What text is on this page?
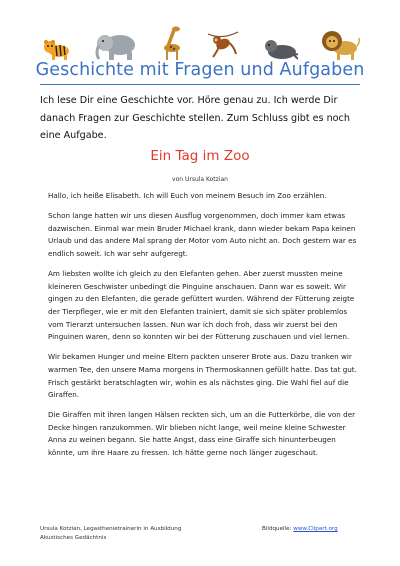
Geschichte mit Fragen und Aufgaben
Ich lese Dir eine Geschichte vor. Höre genau zu. Ich werde Dir danach Fragen zur Geschichte stellen. Zum Schluss gibt es noch eine Aufgabe.
Ein Tag im Zoo
von Ursula Kotzian

Hallo, ich heiße Elisabeth. Ich will Euch von meinem Besuch im Zoo erzählen.

Schon lange hatten wir uns diesen Ausflug vorgenommen, doch immer kam etwas dazwischen. Einmal war mein Bruder Michael krank, dann wieder bekam Papa keinen Urlaub und das andere Mal sprang der Motor vom Auto nicht an. Doch gestern war es endlich soweit. Ich war sehr aufgeregt.

Am liebsten wollte ich gleich zu den Elefanten gehen. Aber zuerst mussten meine kleineren Geschwister unbedingt die Pinguine anschauen. Dann war es soweit. Wir gingen zu den Elefanten, die gerade gefüttert wurden. Während der Fütterung zeigte der Tierpfleger, wie er mit den Elefanten trainiert, damit sie sich später problemlos vom Tierarzt untersuchen lassen. Nun war ich doch froh, dass wir zuerst bei den Pinguinen waren, denn so konnten wir bei der Fütterung zuschauen und viel lernen.

Wir bekamen Hunger und meine Eltern packten unserer Brote aus. Dazu tranken wir warmen Tee, den unsere Mama morgens in Thermoskannen gefüllt hatte. Das tat gut. Frisch gestärkt beratschlagten wir, wohin es als nächstes ging. Die Wahl fiel auf die Giraffen.

Die Giraffen mit ihren langen Hälsen reckten sich, um an die Futterkörbe, die von der Decke hingen ranzukommen. Wir blieben nicht lange, weil meine kleine Schwester Anna zu weinen begann. Sie hatte Angst, dass eine Giraffe sich hinunterbeugen könnte, um ihre Haare zu fressen. Ich hätte gerne noch länger zugeschaut.

Ursula Kotzian, Legasthenietrainerin in Ausbildung
Akustisches Gedächtnis
Bildquelle: www.Clipart.org
